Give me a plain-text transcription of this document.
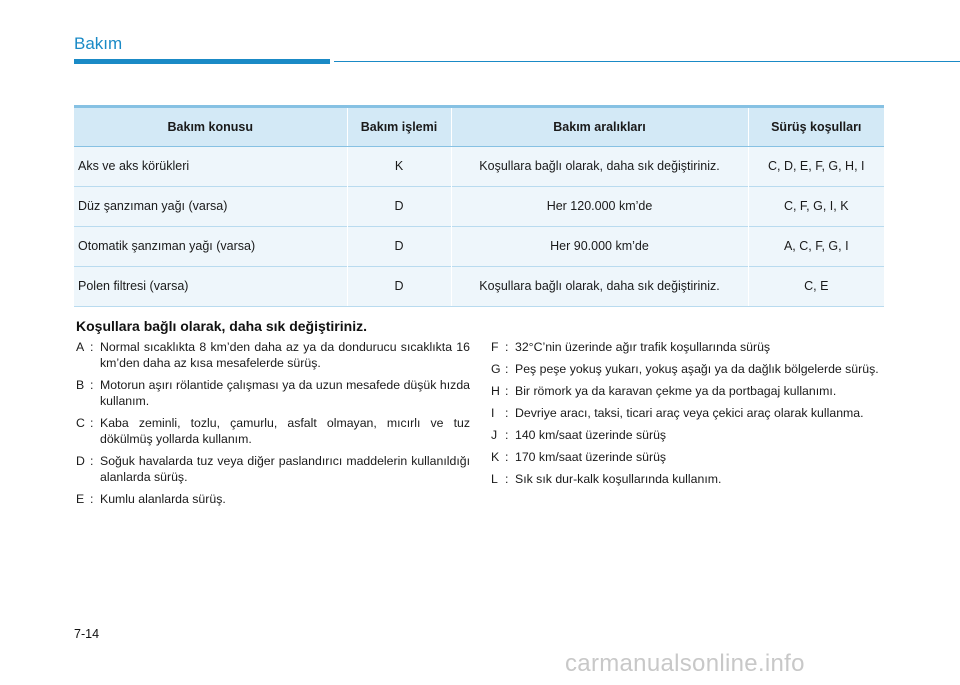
Bakım
Bakım konusu	Bakım işlemi	Bakım aralıkları	Sürüş koşulları
Aks ve aks körükleri	K	Koşullara bağlı olarak, daha sık değiştiriniz.	C, D, E, F, G, H, I
Düz şanzıman yağı (varsa)	D	Her 120.000 km’de	C, F, G, I, K
Otomatik şanzıman yağı (varsa)	D	Her 90.000 km’de	A, C, F, G, I
Polen filtresi (varsa)	D	Koşullara bağlı olarak, daha sık değiştiriniz.	C, E
Koşullara bağlı olarak, daha sık değiştiriniz.
A : Normal sıcaklıkta 8 km’den daha az ya da dondurucu sıcaklıkta 16 km’den daha az kısa mesafelerde sürüş.
B : Motorun aşırı rölantide çalışması ya da uzun mesafede düşük hızda kullanım.
C : Kaba zeminli, tozlu, çamurlu, asfalt olmayan, mıcırlı ve tuz dökülmüş yollarda kullanım.
D : Soğuk havalarda tuz veya diğer paslandırıcı maddelerin kullanıldığı alanlarda sürüş.
E : Kumlu alanlarda sürüş.
F : 32°C’nin üzerinde ağır trafik koşullarında sürüş
G : Peş peşe yokuş yukarı, yokuş aşağı ya da dağlık bölgelerde sürüş.
H : Bir römork ya da karavan çekme ya da portbagaj kullanımı.
I : Devriye aracı, taksi, ticari araç veya çekici araç olarak kullanma.
J : 140 km/saat üzerinde sürüş
K : 170 km/saat üzerinde sürüş
L : Sık sık dur-kalk koşullarında kullanım.
7-14
carmanualsonline.info
